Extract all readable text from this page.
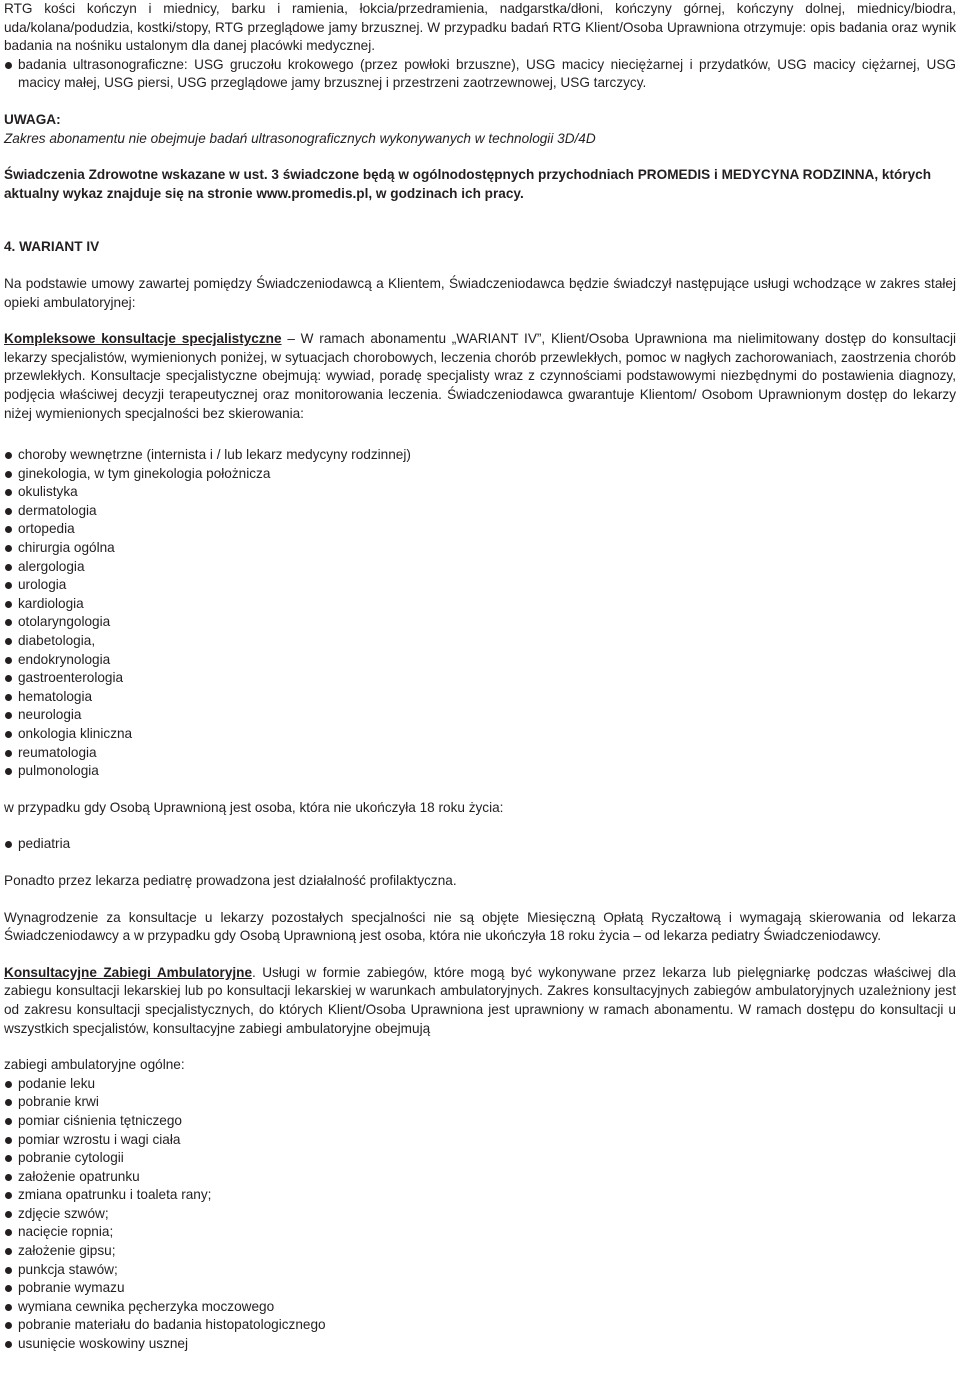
RTG kości kończyn i miednicy, barku i ramienia, łokcia/przedramienia, nadgarstka/dłoni, kończyny górnej, kończyny dolnej, miednicy/biodra, uda/kolana/podudzia, kostki/stopy, RTG przeglądowe jamy brzusznej. W przypadku badań RTG Klient/Osoba Uprawniona otrzymuje: opis badania oraz wynik badania na nośniku ustalonym dla danej placówki medycznej.

badania ultrasonograficzne: USG gruczołu krokowego (przez powłoki brzuszne), USG macicy nieciężarnej i przydatków, USG macicy ciężarnej, USG macicy małej, USG piersi, USG przeglądowe jamy brzusznej i przestrzeni zaotrzewnowej, USG tarczycy.

UWAGA:

Zakres abonamentu nie obejmuje badań ultrasonograficznych wykonywanych w technologii 3D/4D

Świadczenia Zdrowotne wskazane w ust. 3 świadczone będą w ogólnodostępnych przychodniach PROMEDIS i MEDYCYNA RODZINNA, których aktualny wykaz znajduje się na stronie www.promedis.pl, w godzinach ich pracy.

4. WARIANT IV

Na podstawie umowy zawartej pomiędzy Świadczeniodawcą a Klientem, Świadczeniodawca będzie świadczył następujące usługi wchodzące w zakres stałej opieki ambulatoryjnej:

Kompleksowe konsultacje specjalistyczne – W ramach abonamentu „WARIANT IV”, Klient/Osoba Uprawniona ma nielimitowany dostęp do konsultacji lekarzy specjalistów, wymienionych poniżej, w sytuacjach chorobowych, leczenia chorób przewlekłych, pomoc w nagłych zachorowaniach, zaostrzenia chorób przewlekłych. Konsultacje specjalistyczne obejmują: wywiad, poradę specjalisty wraz z czynnościami podstawowymi niezbędnymi do postawienia diagnozy, podjęcia właściwej decyzji terapeutycznej oraz monitorowania leczenia. Świadczeniodawca gwarantuje Klientom/ Osobom Uprawnionym dostęp do lekarzy niżej wymienionych specjalności bez skierowania:

choroby wewnętrzne (internista i / lub lekarz medycyny rodzinnej)
ginekologia, w tym ginekologia położnicza
okulistyka
dermatologia
ortopedia
chirurgia ogólna
alergologia
urologia
kardiologia
otolaryngologia
diabetologia,
endokrynologia
gastroenterologia
hematologia
neurologia
onkologia kliniczna
reumatologia
pulmonologia

w przypadku gdy Osobą Uprawnioną jest osoba, która nie ukończyła 18 roku życia:

pediatria

Ponadto przez lekarza pediatrę prowadzona jest działalność profilaktyczna.

Wynagrodzenie za konsultacje u lekarzy pozostałych specjalności nie są objęte Miesięczną Opłatą Ryczałtową i wymagają skierowania od lekarza Świadczeniodawcy a w przypadku gdy Osobą Uprawnioną jest osoba, która nie ukończyła 18 roku życia – od lekarza pediatry Świadczeniodawcy.

Konsultacyjne Zabiegi Ambulatoryjne. Usługi w formie zabiegów, które mogą być wykonywane przez lekarza lub pielęgniarkę podczas właściwej dla zabiegu konsultacji lekarskiej lub po konsultacji lekarskiej w warunkach ambulatoryjnych. Zakres konsultacyjnych zabiegów ambulatoryjnych uzależniony jest od zakresu konsultacji specjalistycznych, do których Klient/Osoba Uprawniona jest uprawniony w ramach abonamentu. W ramach dostępu do konsultacji u wszystkich specjalistów, konsultacyjne zabiegi ambulatoryjne obejmują

zabiegi ambulatoryjne ogólne:

podanie leku
pobranie krwi
pomiar ciśnienia tętniczego
pomiar wzrostu i wagi ciała
pobranie cytologii
założenie opatrunku
zmiana opatrunku i toaleta rany;
zdjęcie szwów;
nacięcie ropnia;
założenie gipsu;
punkcja stawów;
pobranie wymazu
wymiana cewnika pęcherzyka moczowego
pobranie materiału do badania histopatologicznego
usunięcie woskowiny usznej
